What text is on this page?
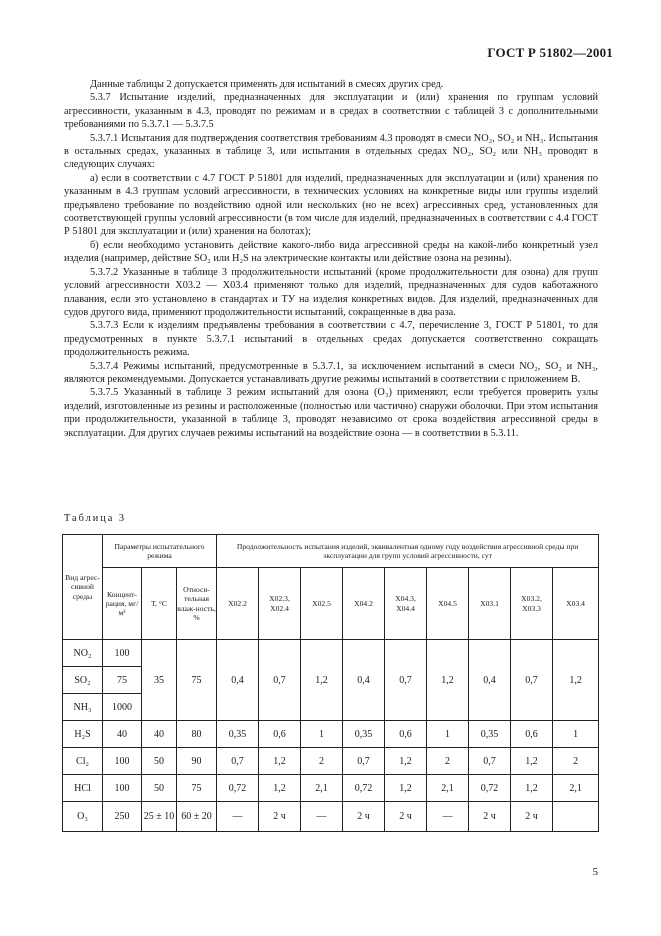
ГОСТ Р 51802—2001

Данные таблицы 2 допускается применять для испытаний в смесях других сред.

5.3.7 Испытание изделий, предназначенных для эксплуатации и (или) хранения по группам условий агрессивности, указанным в 4.3, проводят по режимам и в средах в соответствии с таблицей 3 с дополнительными требованиями по 5.3.7.1 — 5.3.7.5

5.3.7.1 Испытания для подтверждения соответствия требованиям 4.3 проводят в смеси NO₂, SO₂ и NH₃. Испытания в остальных средах, указанных в таблице 3, или испытания в отдельных средах NO₂, SO₂ или NH₃ проводят в следующих случаях:

а) если в соответствии с 4.7 ГОСТ Р 51801 для изделий, предназначенных для эксплуатации и (или) хранения по указанным в 4.3 группам условий агрессивности, в технических условиях на конкретные виды или группы изделий предъявлено требование по воздействию одной или нескольких (но не всех) агрессивных сред, установленных для соответствующей группы условий агрессивности (в том числе для изделий, предназначенных в соответствии с 4.4 ГОСТ Р 51801 для эксплуатации и (или) хранения на болотах);

б) если необходимо установить действие какого-либо вида агрессивной среды на какой-либо конкретный узел изделия (например, действие SO₂ или H₂S на электрические контакты или действие озона на резины).

5.3.7.2 Указанные в таблице 3 продолжительности испытаний (кроме продолжительности для озона) для групп условий агрессивности Х03.2 — Х03.4 применяют только для изделий, предназначенных для судов каботажного плавания, если это установлено в стандартах и ТУ на изделия конкретных видов. Для изделий, предназначенных для судов другого вида, применяют продолжительности испытаний, сокращенные в два раза.

5.3.7.3 Если к изделиям предъявлены требования в соответствии с 4.7, перечисление 3, ГОСТ Р 51801, то для предусмотренных в пункте 5.3.7.1 испытаний в отдельных средах допускается соответственно сокращать продолжительность режима.

5.3.7.4 Режимы испытаний, предусмотренные в 5.3.7.1, за исключением испытаний в смеси NO₂, SO₂ и NH₃, являются рекомендуемыми. Допускается устанавливать другие режимы испытаний в соответствии с приложением В.

5.3.7.5 Указанный в таблице 3 режим испытаний для озона (O₃) применяют, если требуется проверить узлы изделий, изготовленные из резины и расположенные (полностью или частично) снаружи оболочки. При этом испытания при продолжительности, указанной в таблице 3, проводят независимо от срока воздействия агрессивной среды в эксплуатации. Для других случаев режимы испытаний на воздействие озона — в соответствии в 5.3.11.

Таблица 3
Вид агрес-сивной среды	Параметры испытательного режима			Продолжительность испытания изделий, эквивалентная одному году воздействия агрессивной среды при эксплуатации для групп условий агрессивности, сут								
	Концент-рация, мг/м³	Т, °С	Относи-тельная влаж-ность, %	Х02.2	Х02.3, Х02.4	Х02.5	Х04.2	Х04.3, Х04.4	Х04.5	Х03.1	Х03.2, Х03.3	Х03.4
NO₂	100	35	75	0,4	0,7	1,2	0,4	0,7	1,2	0,4	0,7	1,2
SO₂	75											
NH₃	1000											
H₂S	40	40	80	0,35	0,6	1	0,35	0,6	1	0,35	0,6	1
Cl₂	100	50	90	0,7	1,2	2	0,7	1,2	2	0,7	1,2	2
HCl	100	50	75	0,72	1,2	2,1	0,72	1,2	2,1	0,72	1,2	2,1
O₃	250	25 ± 10	60 ± 20	—	2 ч	—	2 ч	2 ч	—	2 ч	2 ч	
5
